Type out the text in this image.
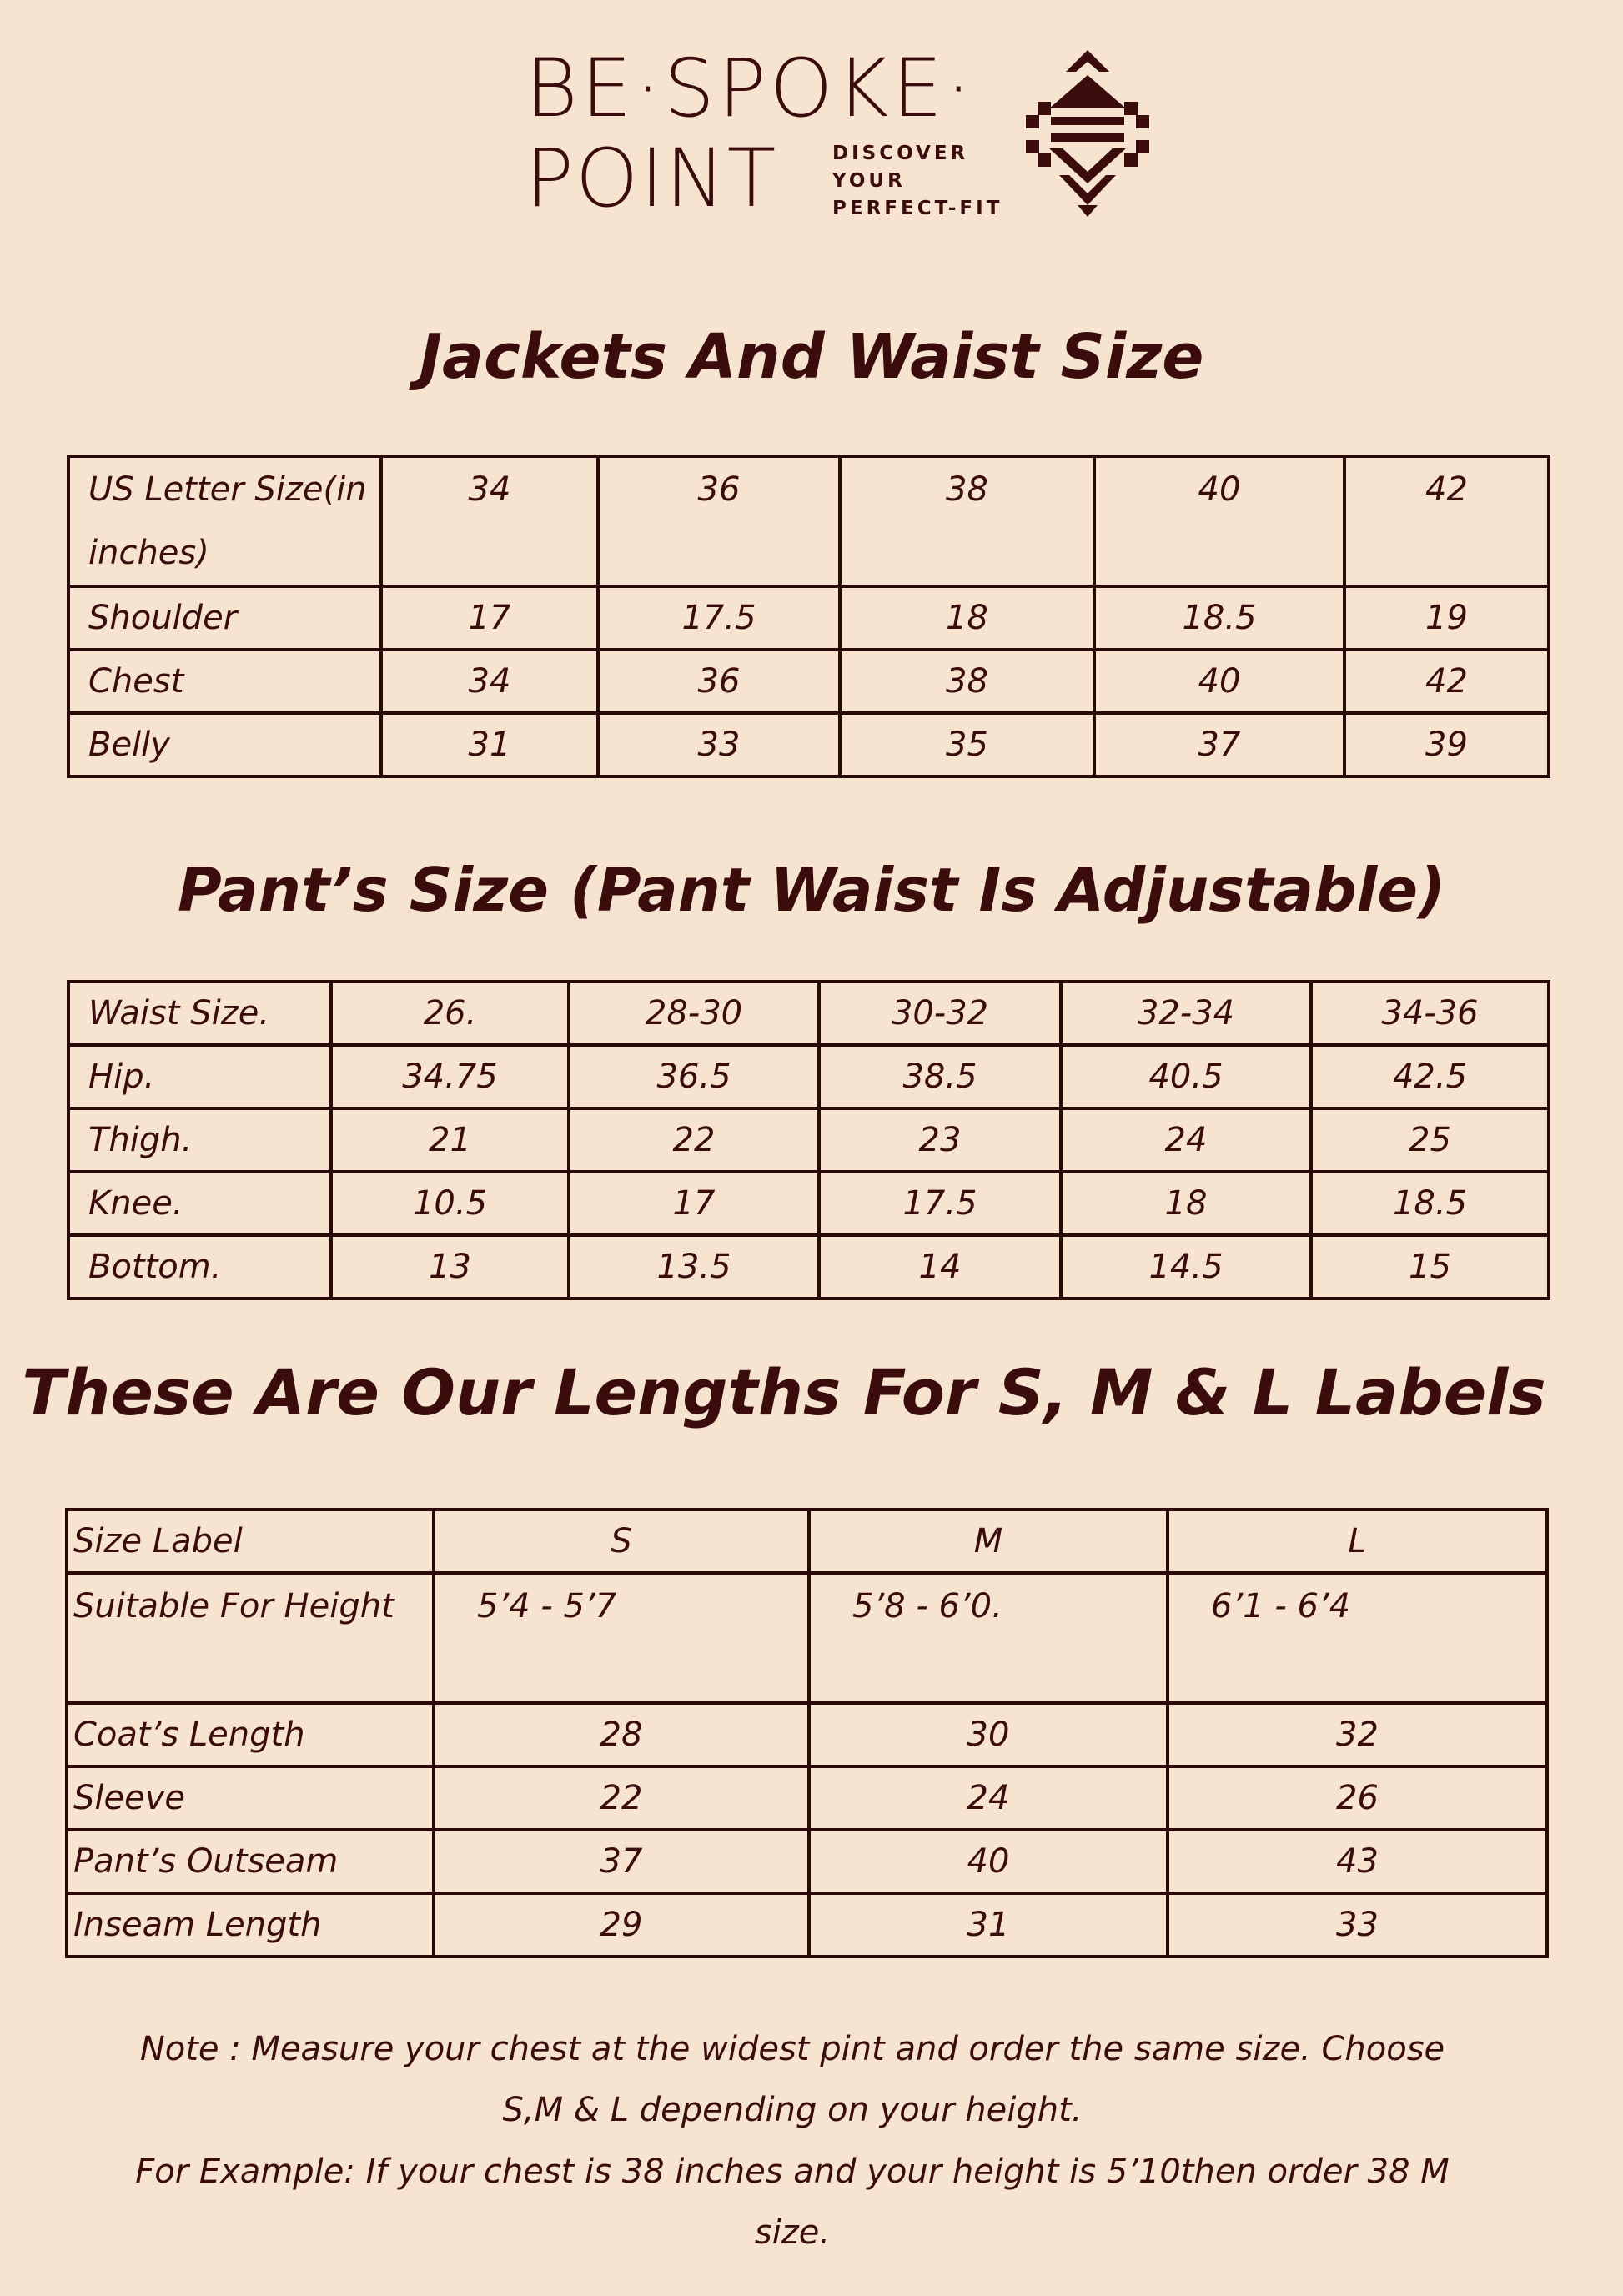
BE·SPOKE·
POINT	DISCOVER
YOUR
PERFECT-FIT
Jackets And Waist Size
US Letter Size(in inches)	34	36	38	40	42
Shoulder	17	17.5	18	18.5	19
Chest	34	36	38	40	42
Belly	31	33	35	37	39
Pant’s Size (Pant Waist Is Adjustable)
Waist Size.	26.	28-30	30-32	32-34	34-36
Hip.	34.75	36.5	38.5	40.5	42.5
Thigh.	21	22	23	24	25
Knee.	10.5	17	17.5	18	18.5
Bottom.	13	13.5	14	14.5	15
These Are Our Lengths For S, M & L Labels
Size Label	S	M	L
Suitable For Height	5’4 - 5’7	5’8 - 6’0.	6’1 - 6’4
Coat’s Length	28	30	32
Sleeve	22	24	26
Pant’s Outseam	37	40	43
Inseam Length	29	31	33
Note : Measure your chest at the widest pint and order the same size. Choose
S,M & L depending on your height.
For Example: If your chest is 38 inches and your height is 5’10then order 38 M
size.
